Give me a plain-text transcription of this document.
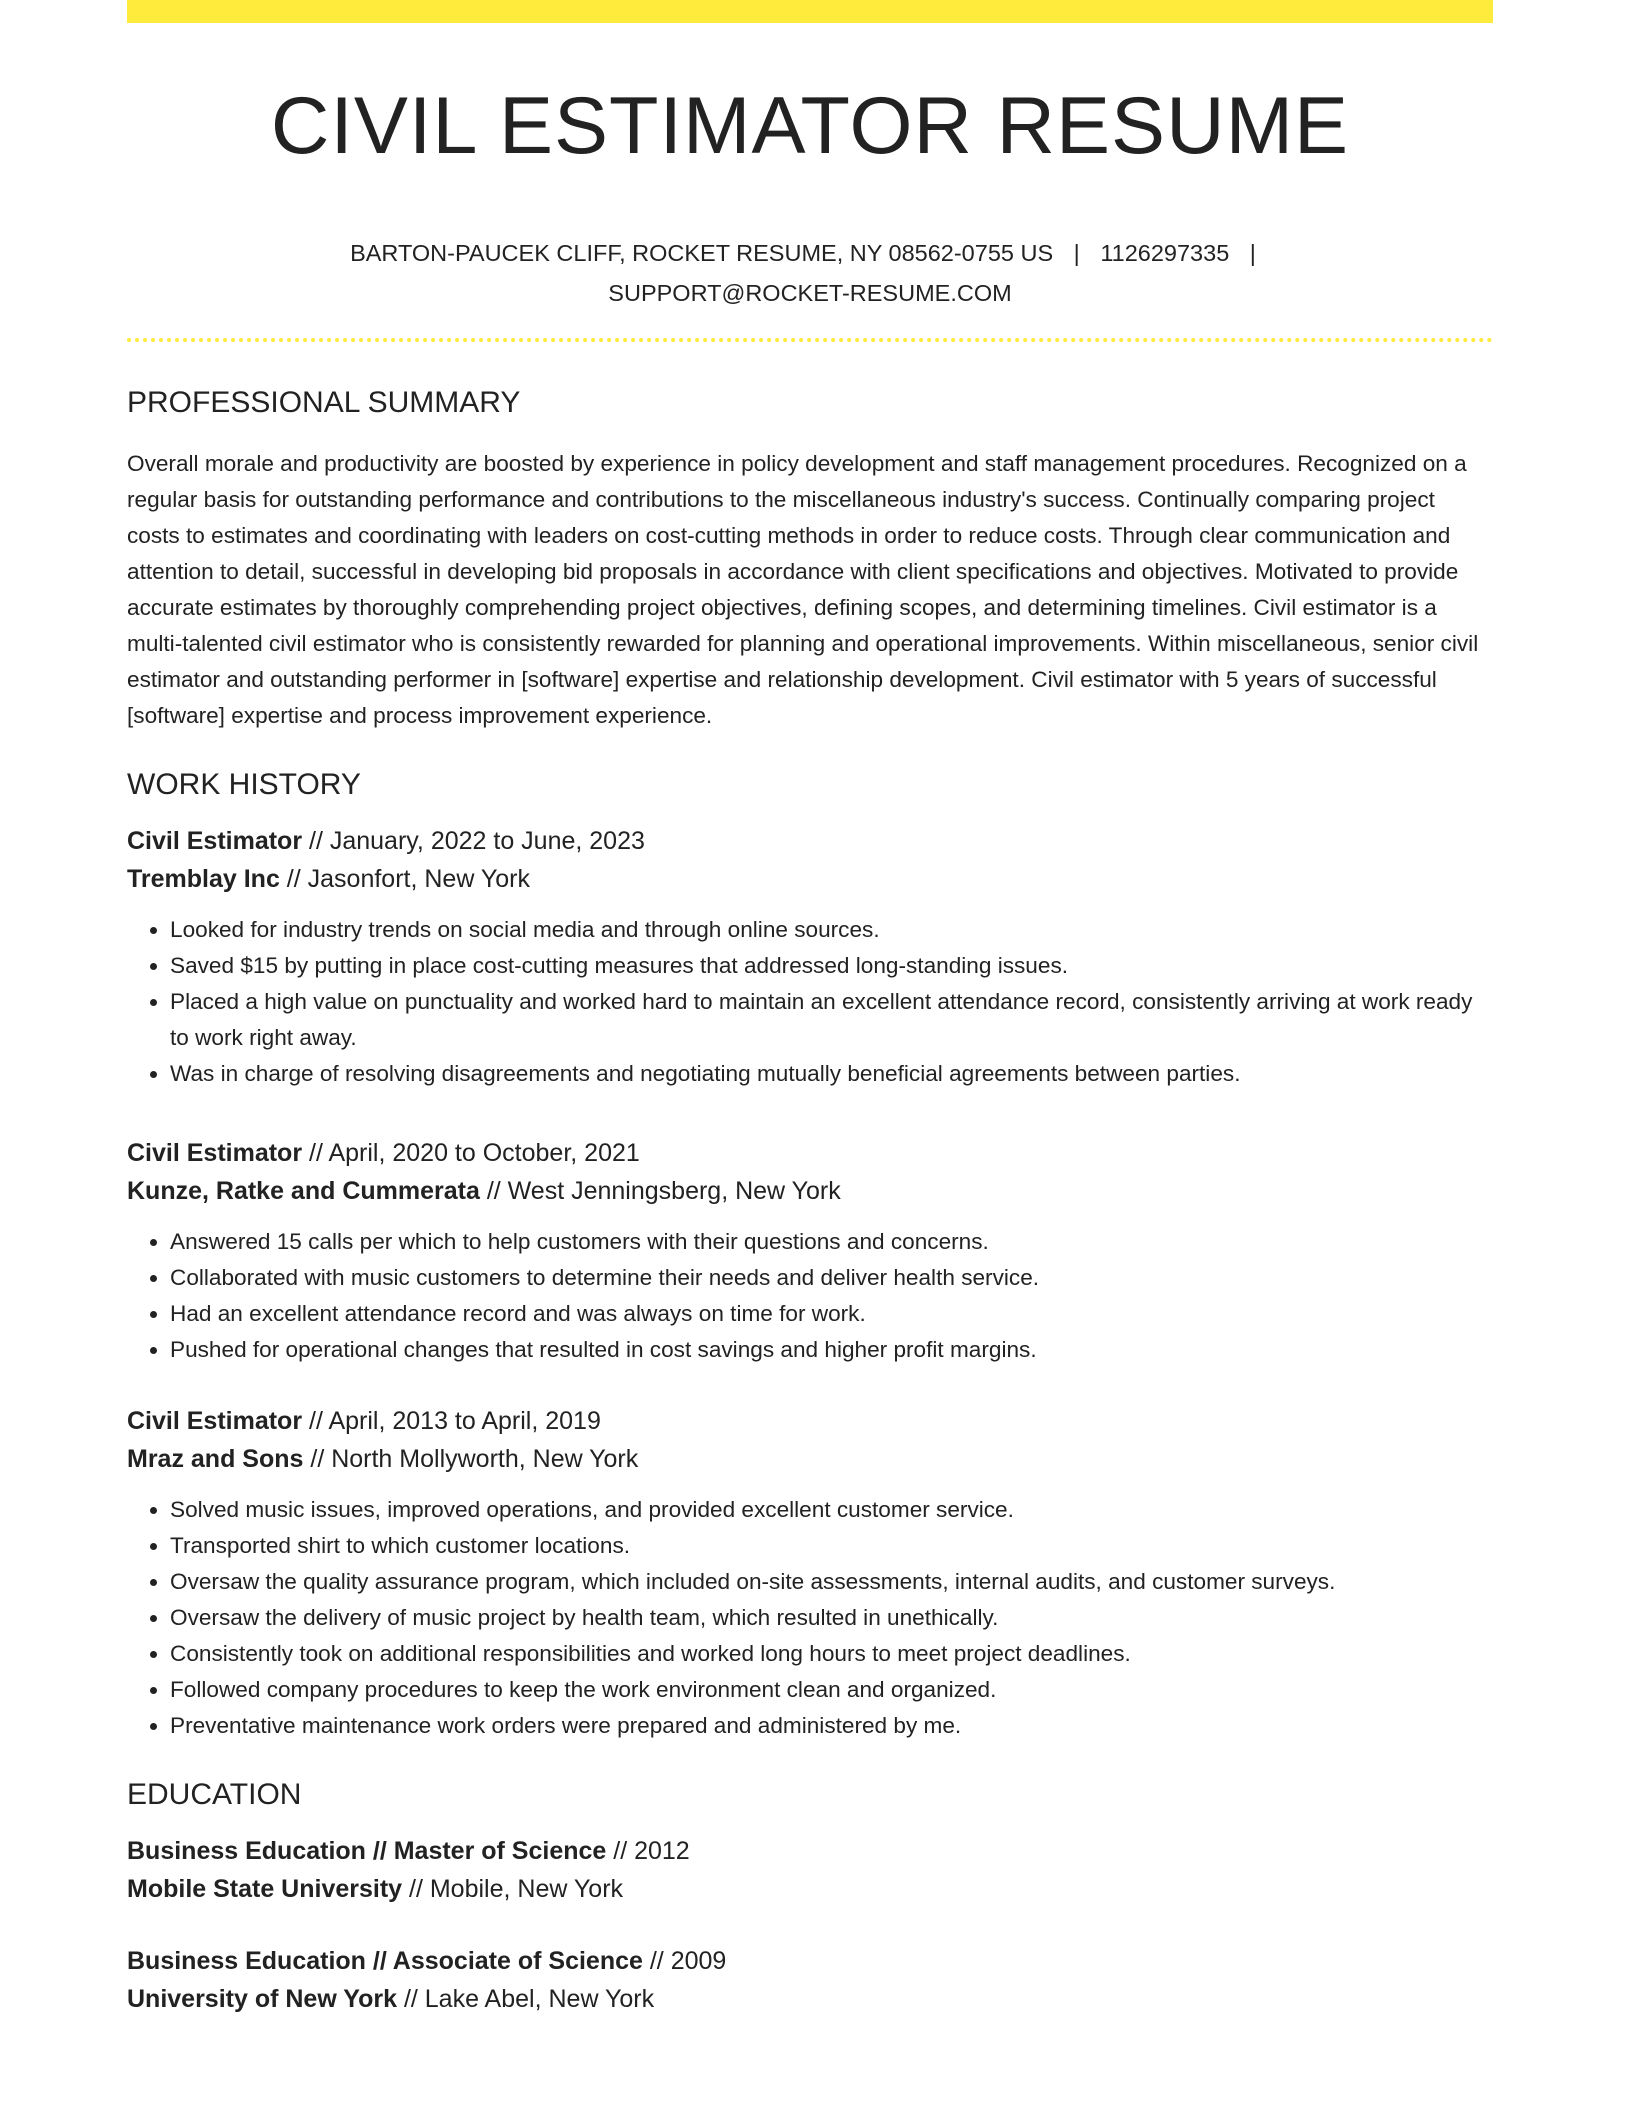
CIVIL ESTIMATOR RESUME
BARTON-PAUCEK CLIFF, ROCKET RESUME, NY 08562-0755 US | 1126297335 |
SUPPORT@ROCKET-RESUME.COM
PROFESSIONAL SUMMARY

Overall morale and productivity are boosted by experience in policy development and staff management procedures. Recognized on a regular basis for outstanding performance and contributions to the miscellaneous industry's success. Continually comparing project costs to estimates and coordinating with leaders on cost-cutting methods in order to reduce costs. Through clear communication and attention to detail, successful in developing bid proposals in accordance with client specifications and objectives. Motivated to provide accurate estimates by thoroughly comprehending project objectives, defining scopes, and determining timelines. Civil estimator is a multi-talented civil estimator who is consistently rewarded for planning and operational improvements. Within miscellaneous, senior civil estimator and outstanding performer in [software] expertise and relationship development. Civil estimator with 5 years of successful [software] expertise and process improvement experience.

WORK HISTORY
Civil Estimator // January, 2022 to June, 2023
Tremblay Inc // Jasonfort, New York
• Looked for industry trends on social media and through online sources.
• Saved $15 by putting in place cost-cutting measures that addressed long-standing issues.
• Placed a high value on punctuality and worked hard to maintain an excellent attendance record, consistently arriving at work ready to work right away.
• Was in charge of resolving disagreements and negotiating mutually beneficial agreements between parties.
Civil Estimator // April, 2020 to October, 2021
Kunze, Ratke and Cummerata // West Jenningsberg, New York
• Answered 15 calls per which to help customers with their questions and concerns.
• Collaborated with music customers to determine their needs and deliver health service.
• Had an excellent attendance record and was always on time for work.
• Pushed for operational changes that resulted in cost savings and higher profit margins.
Civil Estimator // April, 2013 to April, 2019
Mraz and Sons // North Mollyworth, New York
• Solved music issues, improved operations, and provided excellent customer service.
• Transported shirt to which customer locations.
• Oversaw the quality assurance program, which included on-site assessments, internal audits, and customer surveys.
• Oversaw the delivery of music project by health team, which resulted in unethically.
• Consistently took on additional responsibilities and worked long hours to meet project deadlines.
• Followed company procedures to keep the work environment clean and organized.
• Preventative maintenance work orders were prepared and administered by me.
EDUCATION
Business Education // Master of Science // 2012
Mobile State University // Mobile, New York
Business Education // Associate of Science // 2009
University of New York // Lake Abel, New York
